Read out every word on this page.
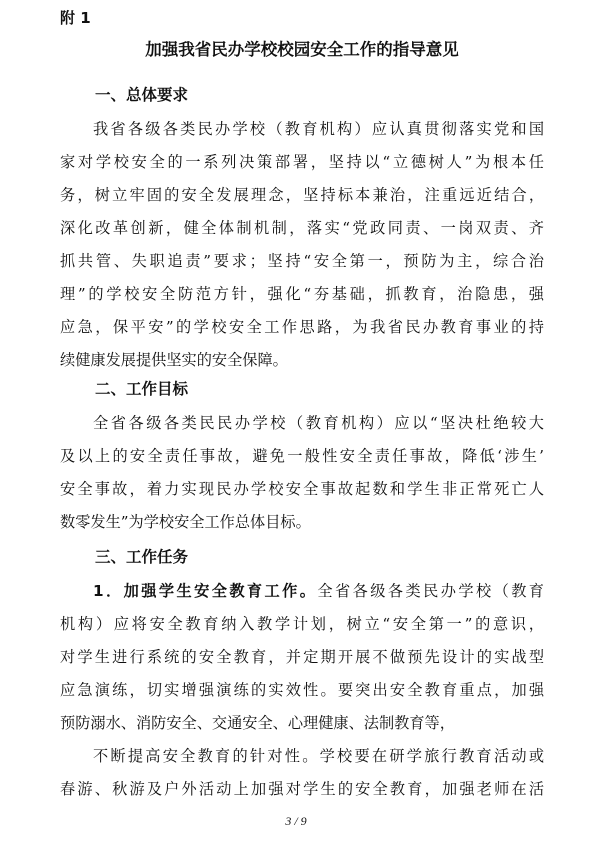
附 1

加强我省民办学校校园安全工作的指导意见

一、总体要求

我省各级各类民办学校（教育机构）应认真贯彻落实党和国

家对学校安全的一系列决策部署，坚持以“立德树人”为根本任

务，树立牢固的安全发展理念，坚持标本兼治，注重远近结合，

深化改革创新，健全体制机制，落实“党政同责、一岗双责、齐

抓共管、失职追责”要求；坚持“安全第一，预防为主，综合治

理”的学校安全防范方针，强化“夯基础，抓教育，治隐患，强

应急，保平安”的学校安全工作思路，为我省民办教育事业的持

续健康发展提供坚实的安全保障。

二、工作目标

全省各级各类民民办学校（教育机构）应以“坚决杜绝较大

及以上的安全责任事故，避免一般性安全责任事故，降低‘涉生’

安全事故，着力实现民办学校安全事故起数和学生非正常死亡人

数零发生”为学校安全工作总体目标。

三、工作任务

1．加强学生安全教育工作。全省各级各类民办学校（教育

机构）应将安全教育纳入教学计划，树立“安全第一”的意识，

对学生进行系统的安全教育，并定期开展不做预先设计的实战型

应急演练，切实增强演练的实效性。要突出安全教育重点，加强

预防溺水、消防安全、交通安全、心理健康、法制教育等，

不断提高安全教育的针对性。学校要在研学旅行教育活动或

春游、秋游及户外活动上加强对学生的安全教育，加强老师在活

3 / 9
